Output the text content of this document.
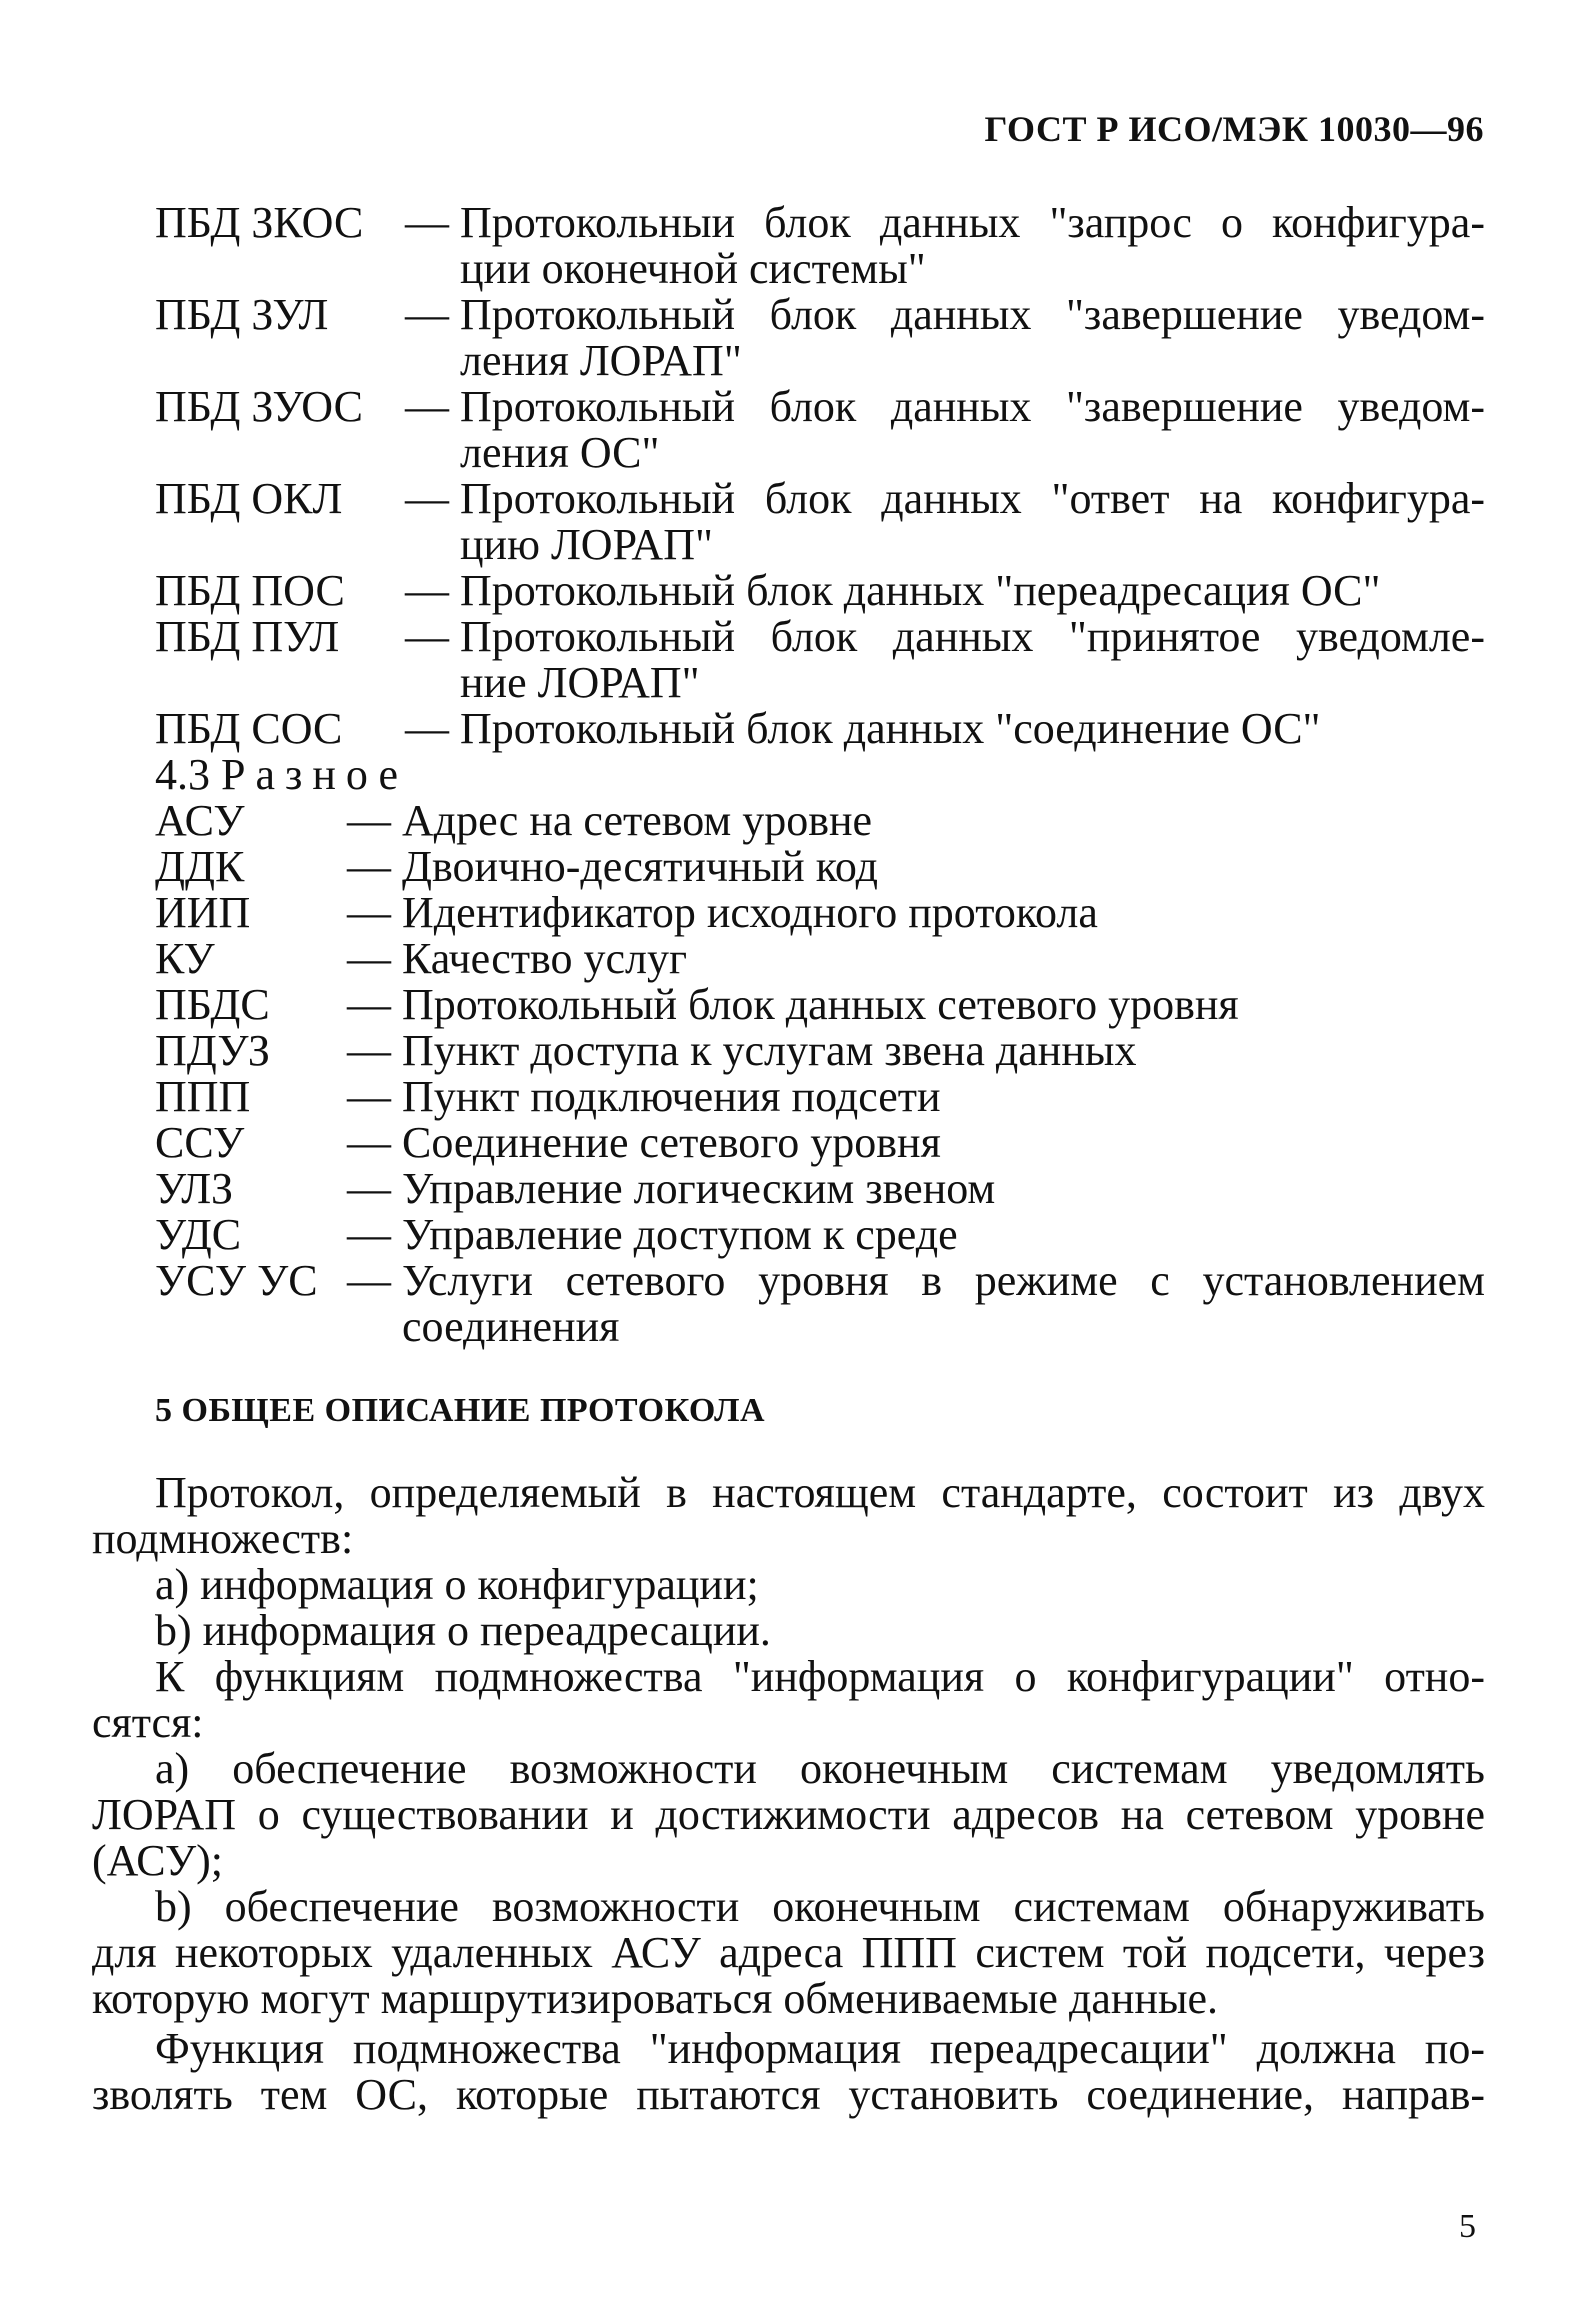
ГОСТ Р ИСО/МЭК 10030—96
ПБД ЗКОС — Протокольныи блок данных "запрос о конфигура-
ции оконечной системы"
ПБД ЗУЛ — Протокольный блок данных "завершение уведом-
ления ЛОРАП"
ПБД ЗУОС — Протокольный блок данных "завершение уведом-
ления ОС"
ПБД ОКЛ — Протокольный блок данных "ответ на конфигура-
цию ЛОРАП"
ПБД ПОС — Протокольный блок данных "переадресация ОС"
ПБД ПУЛ — Протокольный блок данных "принятое уведомле-
ние ЛОРАП"
ПБД СОС — Протокольный блок данных "соединение ОС"
4.3 Разное
АСУ — Адрес на сетевом уровне
ДДК — Двоично-десятичный код
ИИП — Идентификатор исходного протокола
КУ	— Качество услуг
ПБДС — Протокольный блок данных сетевого уровня
ПДУЗ — Пункт доступа к услугам звена данных
ППП — Пункт подключения подсети
ССУ — Соединение сетевого уровня
УЛЗ	— Управление логическим звеном
УДС — Управление доступом к среде
УСУ УС — Услуги сетевого уровня в режиме с установлением
соединения
5 ОБЩЕЕ ОПИСАНИЕ ПРОТОКОЛА
Протокол, определяемый в настоящем стандарте, состоит из двух
подмножеств:
a) информация о конфигурации;
b) информация о переадресации.
К функциям подмножества "информация о конфигурации" отно-
сятся:
a) обеспечение возможности оконечным системам уведомлять
ЛОРАП о существовании и достижимости адресов на сетевом уровне
(АСУ);
b) обеспечение возможности оконечным системам обнаруживать
для некоторых удаленных АСУ адреса ППП систем той подсети, через
которую могут маршрутизироваться обмениваемые данные.
Функция подмножества "информация переадресации" должна по-
зволять тем ОС, которые пытаются установить соединение, направ-
5
